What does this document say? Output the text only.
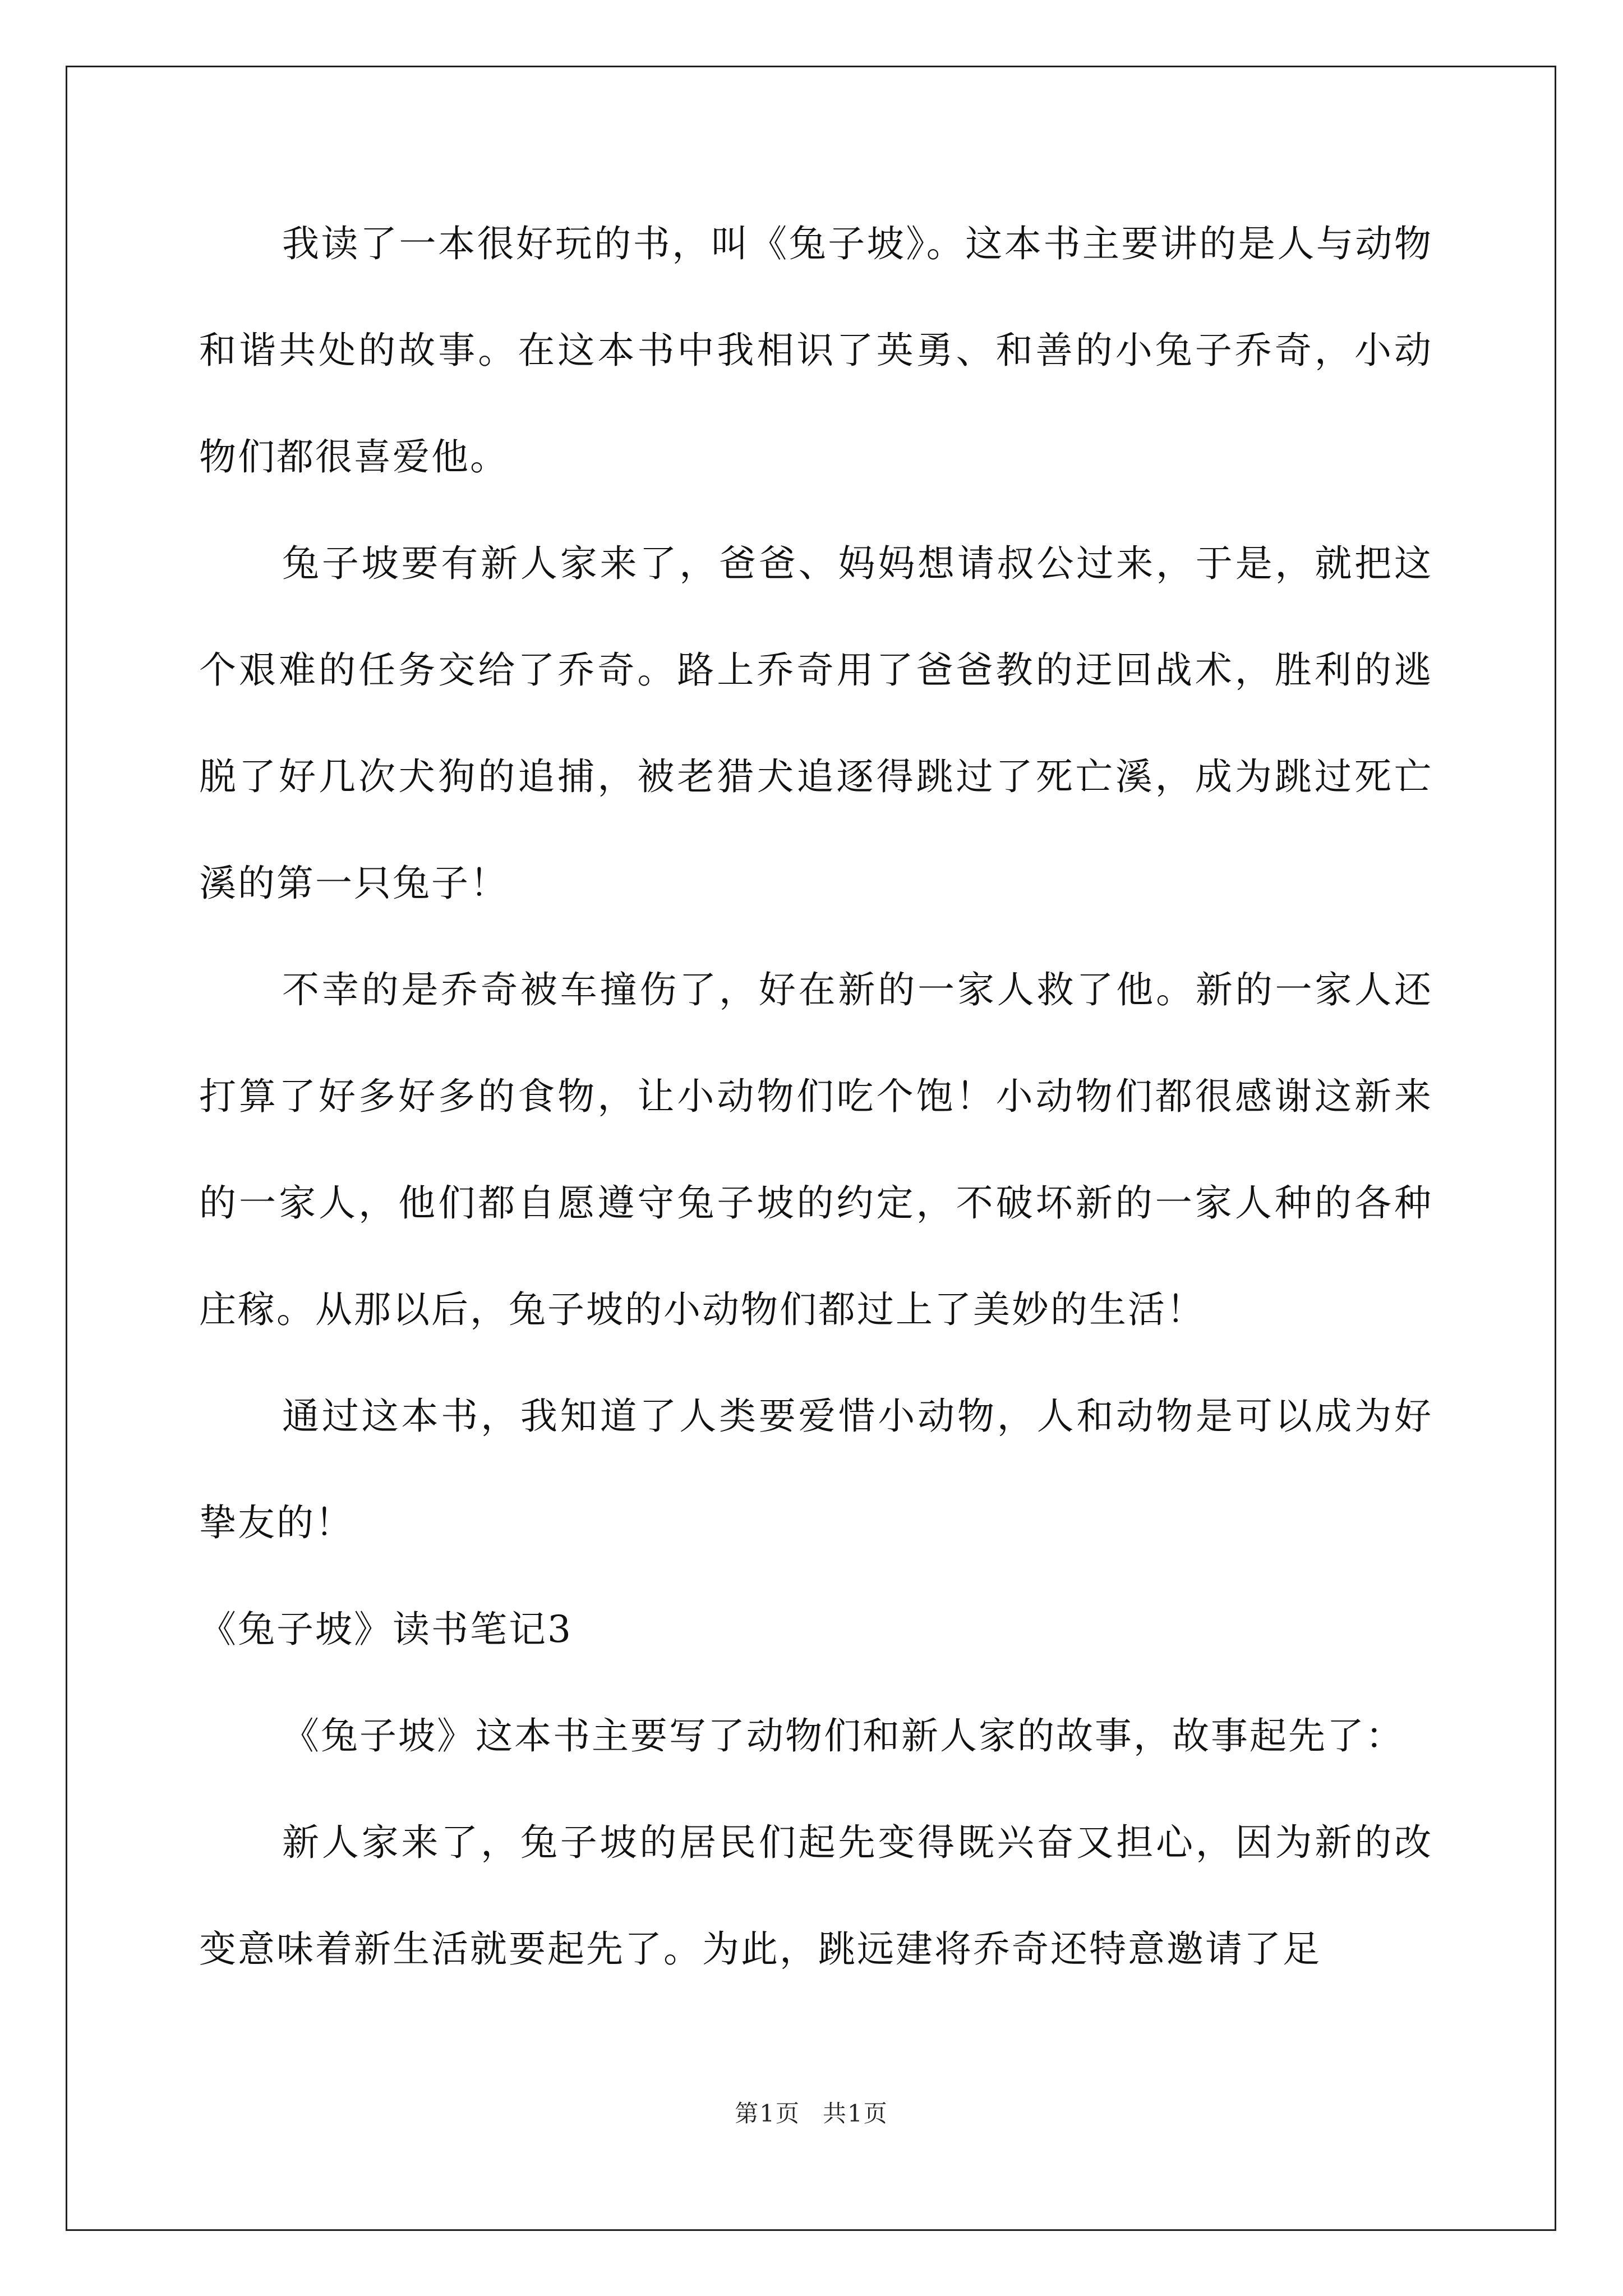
我读了一本很好玩的书，叫《兔子坡》。这本书主要讲的是人与动物和谐共处的故事。在这本书中我相识了英勇、和善的小兔子乔奇，小动物们都很喜爱他。

兔子坡要有新人家来了，爸爸、妈妈想请叔公过来，于是，就把这个艰难的任务交给了乔奇。路上乔奇用了爸爸教的迂回战术，胜利的逃脱了好几次犬狗的追捕，被老猎犬追逐得跳过了死亡溪，成为跳过死亡溪的第一只兔子！

不幸的是乔奇被车撞伤了，好在新的一家人救了他。新的一家人还打算了好多好多的食物，让小动物们吃个饱！小动物们都很感谢这新来的一家人，他们都自愿遵守兔子坡的约定，不破坏新的一家人种的各种庄稼。从那以后，兔子坡的小动物们都过上了美妙的生活！

通过这本书，我知道了人类要爱惜小动物，人和动物是可以成为好挚友的！

《兔子坡》读书笔记3

《兔子坡》这本书主要写了动物们和新人家的故事，故事起先了：

新人家来了，兔子坡的居民们起先变得既兴奋又担心，因为新的改变意味着新生活就要起先了。为此，跳远建将乔奇还特意邀请了足

第1页 共1页
